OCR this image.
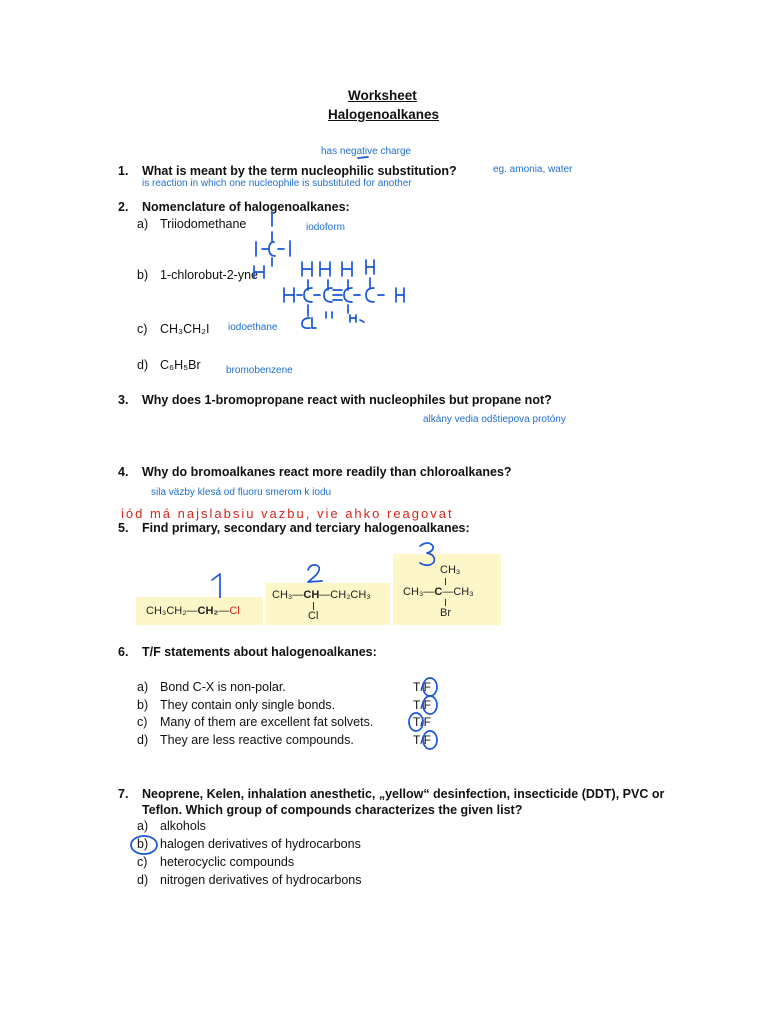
Worksheet
Halogenoalkanes
has negative charge
1. What is meant by the term nucleophilic substitution?	eg. amonia, water
is reaction in which one nucleophile is substituted for another
2. Nomenclature of halogenoalkanes:
a) Triiodomethane	iodoform
b) 1-chlorobut-2-yne
c) CH₃CH₂I iodoethane
d) C₆H₅Br	bromobenzene
3. Why does 1-bromopropane react with nucleophiles but propane not?
alkány vedia odštiepova protóny
4. Why do bromoalkanes react more readily than chloroalkanes?
sila väzby klesá od fluoru smerom k iodu
iód má najslabsiu vazbu, vie ahko reagovat
5. Find primary, secondary and terciary halogenoalkanes:
CH₃CH₂—CH₂—Cl
CH₃—CH—CH₂CH₃
Cl
CH₃
CH₃—C—CH₃
Br
6. T/F statements about halogenoalkanes:
a) Bond C-X is non-polar.	T/F
b) They contain only single bonds.	T/F
c) Many of them are excellent fat solvets.	T/F
d) They are less reactive compounds.	T/F
7. Neoprene, Kelen, inhalation anesthetic, „yellow“ desinfection, insecticide (DDT), PVC or
Teflon. Which group of compounds characterizes the given list?
a) alkohols
b) halogen derivatives of hydrocarbons
c) heterocyclic compounds
d) nitrogen derivatives of hydrocarbons
